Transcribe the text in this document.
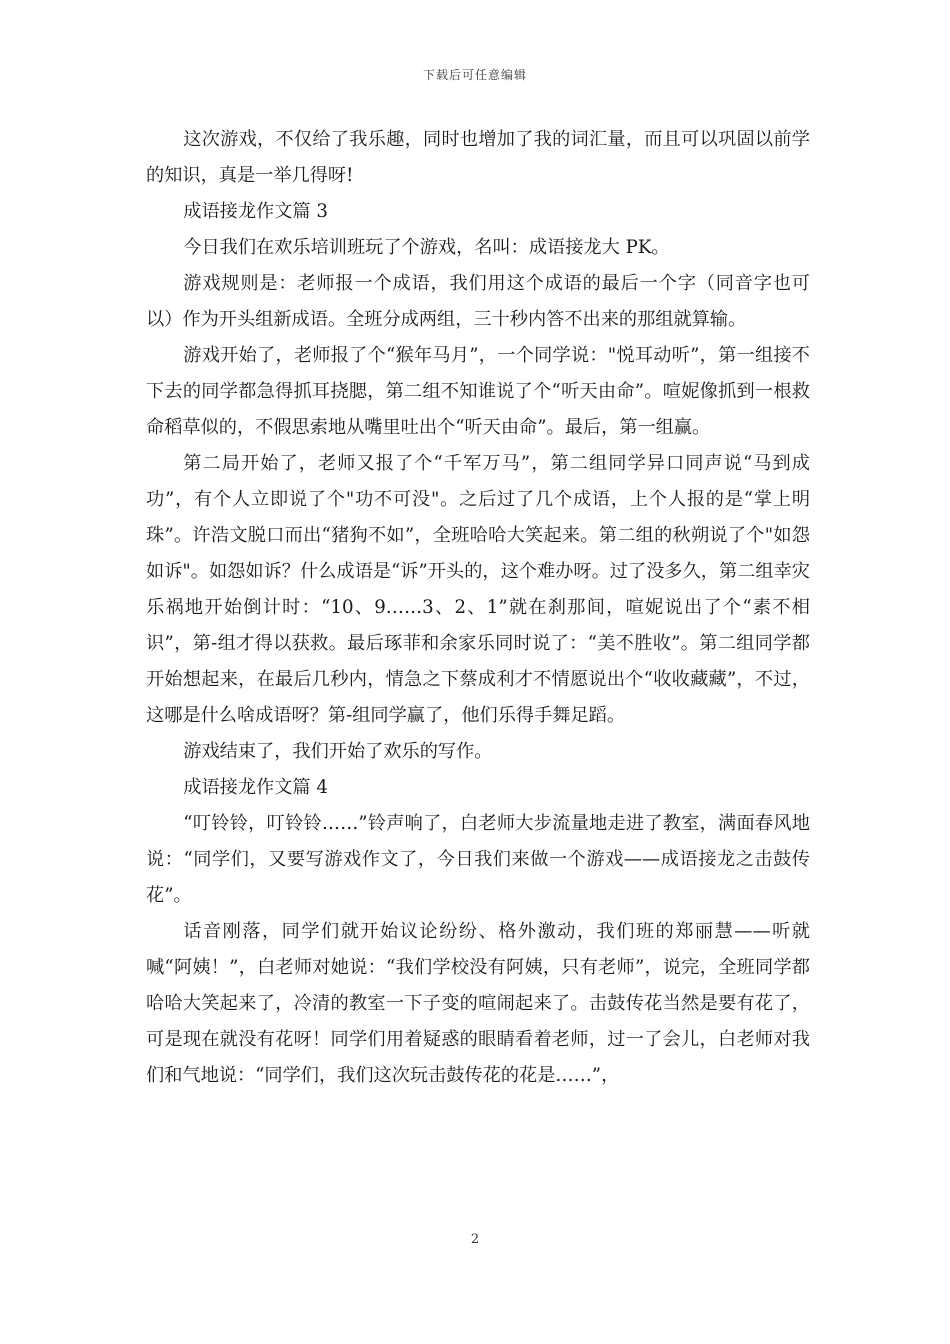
下载后可任意编辑

这次游戏，不仅给了我乐趣，同时也增加了我的词汇量，而且可以巩固以前学的知识，真是一举几得呀!

成语接龙作文篇 3

今日我们在欢乐培训班玩了个游戏，名叫：成语接龙大 PK。

游戏规则是：老师报一个成语，我们用这个成语的最后一个字（同音字也可以）作为开头组新成语。全班分成两组，三十秒内答不出来的那组就算输。

游戏开始了，老师报了个“猴年马月”，一个同学说："悦耳动听”，第一组接不下去的同学都急得抓耳挠腮，第二组不知谁说了个“听天由命”。喧妮像抓到一根救命稻草似的，不假思索地从嘴里吐出个“听天由命”。最后，第一组赢。

第二局开始了，老师又报了个“千军万马”，第二组同学异口同声说“马到成功”，有个人立即说了个"功不可没"。之后过了几个成语，上个人报的是“掌上明珠”。许浩文脱口而出“猪狗不如”，全班哈哈大笑起来。第二组的秋朔说了个"如怨如诉"。如怨如诉？什么成语是“诉”开头的，这个难办呀。过了没多久，第二组幸灾乐祸地开始倒计时：“10、9……3、2、1”就在刹那间，喧妮说出了个“素不相识”，第-组才得以获救。最后琢菲和余家乐同时说了：“美不胜收”。第二组同学都开始想起来，在最后几秒内，情急之下蔡成利才不情愿说出个“收收藏藏”，不过，这哪是什么啥成语呀？第-组同学赢了，他们乐得手舞足蹈。

游戏结束了，我们开始了欢乐的写作。

成语接龙作文篇 4

“叮铃铃，叮铃铃……”铃声响了，白老师大步流量地走进了教室，满面春风地说：“同学们，又要写游戏作文了，今日我们来做一个游戏——成语接龙之击鼓传花”。

话音刚落，同学们就开始议论纷纷、格外激动，我们班的郑丽慧——听就喊“阿姨！”，白老师对她说：“我们学校没有阿姨，只有老师”，说完，全班同学都哈哈大笑起来了，冷清的教室一下子变的喧闹起来了。击鼓传花当然是要有花了，可是现在就没有花呀！同学们用着疑惑的眼睛看着老师，过一了会儿，白老师对我们和气地说：“同学们，我们这次玩击鼓传花的花是……”，

2
